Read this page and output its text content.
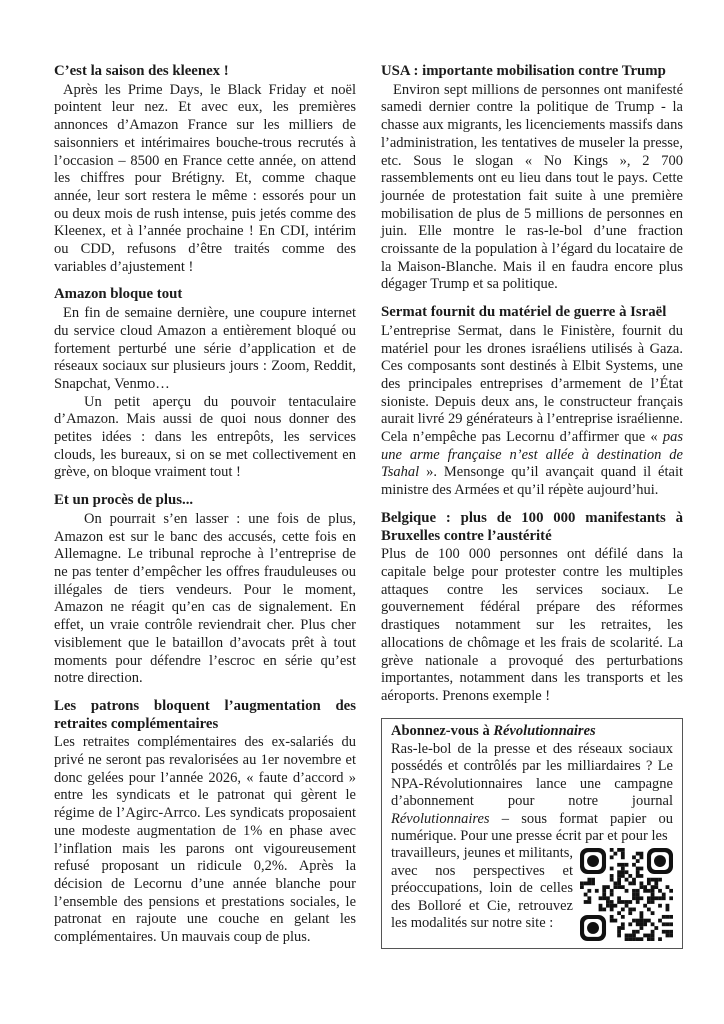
C’est la saison des kleenex !

Après les Prime Days, le Black Friday et noël pointent leur nez. Et avec eux, les premières annonces d’Amazon France sur les milliers de saisonniers et intérimaires bouche-trous recrutés à l’occasion – 8500 en France cette année, on attend les chiffres pour Brétigny. Et, comme chaque année, leur sort restera le même : essorés pour un ou deux mois de rush intense, puis jetés comme des Kleenex, et à l’année prochaine ! En CDI, intérim ou CDD, refusons d’être traités comme des variables d’ajustement !

Amazon bloque tout

En fin de semaine dernière, une coupure internet du service cloud Amazon a entièrement bloqué ou fortement perturbé une série d’application et de réseaux sociaux sur plusieurs jours : Zoom, Reddit, Snapchat, Venmo…

Un petit aperçu du pouvoir tentaculaire d’Amazon. Mais aussi de quoi nous donner des petites idées : dans les entrepôts, les services clouds, les bureaux, si on se met collectivement en grève, on bloque vraiment tout !

Et un procès de plus...

On pourrait s’en lasser : une fois de plus, Amazon est sur le banc des accusés, cette fois en Allemagne. Le tribunal reproche à l’entreprise de ne pas tenter d’empêcher les offres frauduleuses ou illégales de tiers vendeurs. Pour le moment, Amazon ne réagit qu’en cas de signalement. En effet, un vraie contrôle reviendrait cher. Plus cher visiblement que le bataillon d’avocats prêt à tout moments pour défendre l’escroc en série qu’est notre direction.

Les patrons bloquent l’augmentation des retraites complémentaires

Les retraites complémentaires des ex-salariés du privé ne seront pas revalorisées au 1er novembre et donc gelées pour l’année 2026, « faute d’accord » entre les syndicats et le patronat qui gèrent le régime de l’Agirc-Arrco. Les syndicats proposaient une modeste augmentation de 1% en phase avec l’inflation mais les parons ont vigoureusement refusé proposant un ridicule 0,2%. Après la décision de Lecornu d’une année blanche pour l’ensemble des pensions et prestations sociales, le patronat en rajoute une couche en gelant les complémentaires. Un mauvais coup de plus.

USA : importante mobilisation contre Trump

Environ sept millions de personnes ont manifesté samedi dernier contre la politique de Trump - la chasse aux migrants, les licenciements massifs dans l’administration, les tentatives de museler la presse, etc. Sous le slogan « No Kings », 2 700 rassemblements ont eu lieu dans tout le pays. Cette journée de protestation fait suite à une première mobilisation de plus de 5 millions de personnes en juin. Elle montre le ras-le-bol d’une fraction croissante de la population à l’égard du locataire de la Maison-Blanche. Mais il en faudra encore plus dégager Trump et sa politique.

Sermat fournit du matériel de guerre à Israël

L’entreprise Sermat, dans le Finistère, fournit du matériel pour les drones israéliens utilisés à Gaza. Ces composants sont destinés à Elbit Systems, une des principales entreprises d’armement de l’État sioniste. Depuis deux ans, le constructeur français aurait livré 29 générateurs à l’entreprise israélienne. Cela n’empêche pas Lecornu d’affirmer que « pas une arme française n’est allée à destination de Tsahal ». Mensonge qu’il avançait quand il était ministre des Armées et qu’il répète aujourd’hui.

Belgique : plus de 100 000 manifestants à Bruxelles contre l’austérité

Plus de 100 000 personnes ont défilé dans la capitale belge pour protester contre les multiples attaques contre les services sociaux. Le gouvernement fédéral prépare des réformes drastiques notamment sur les retraites, les allocations de chômage et les frais de scolarité. La grève nationale a provoqué des perturbations importantes, notamment dans les transports et les aéroports. Prenons exemple !

Abonnez-vous à Révolutionnaires

Ras-le-bol de la presse et des réseaux sociaux possédés et contrôlés par les milliardaires ? Le NPA-Révolutionnaires lance une campagne d’abonnement pour notre journal Révolutionnaires – sous format papier ou numérique. Pour une presse écrit par et pour les

travailleurs, jeunes et militants, avec nos perspectives et préoccupations, loin de celles des Bolloré et Cie, retrouvez les modalités sur notre site :
